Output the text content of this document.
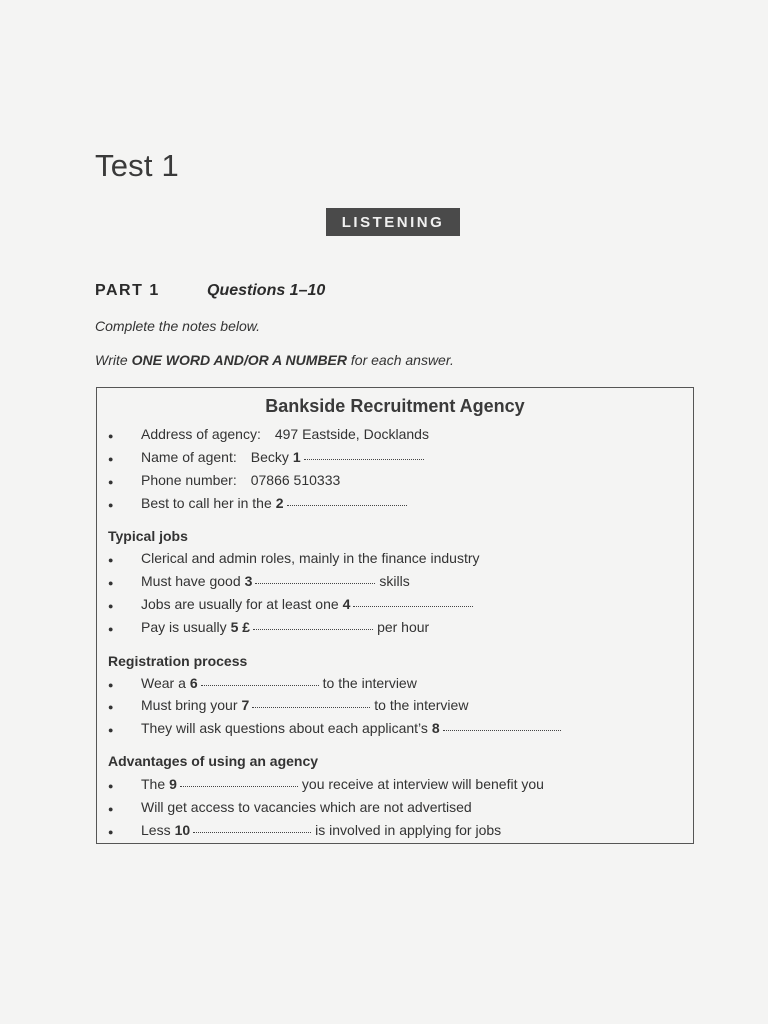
Test 1
LISTENING
PART 1	Questions 1–10
Complete the notes below.
Write ONE WORD AND/OR A NUMBER for each answer.
Bankside Recruitment Agency
●	Address of agency: 497 Eastside, Docklands
●	Name of agent: Becky 1
●	Phone number: 07866 510333
●	Best to call her in the 2
Typical jobs
●	Clerical and admin roles, mainly in the finance industry
●	Must have good 3	skills
●	Jobs are usually for at least one 4
●	Pay is usually 5 £	per hour
Registration process
●	Wear a 6	to the interview
●	Must bring your 7	to the interview
●	They will ask questions about each applicant’s 8
Advantages of using an agency
●	The 9	you receive at interview will benefit you
●	Will get access to vacancies which are not advertised
●	Less 10	is involved in applying for jobs
